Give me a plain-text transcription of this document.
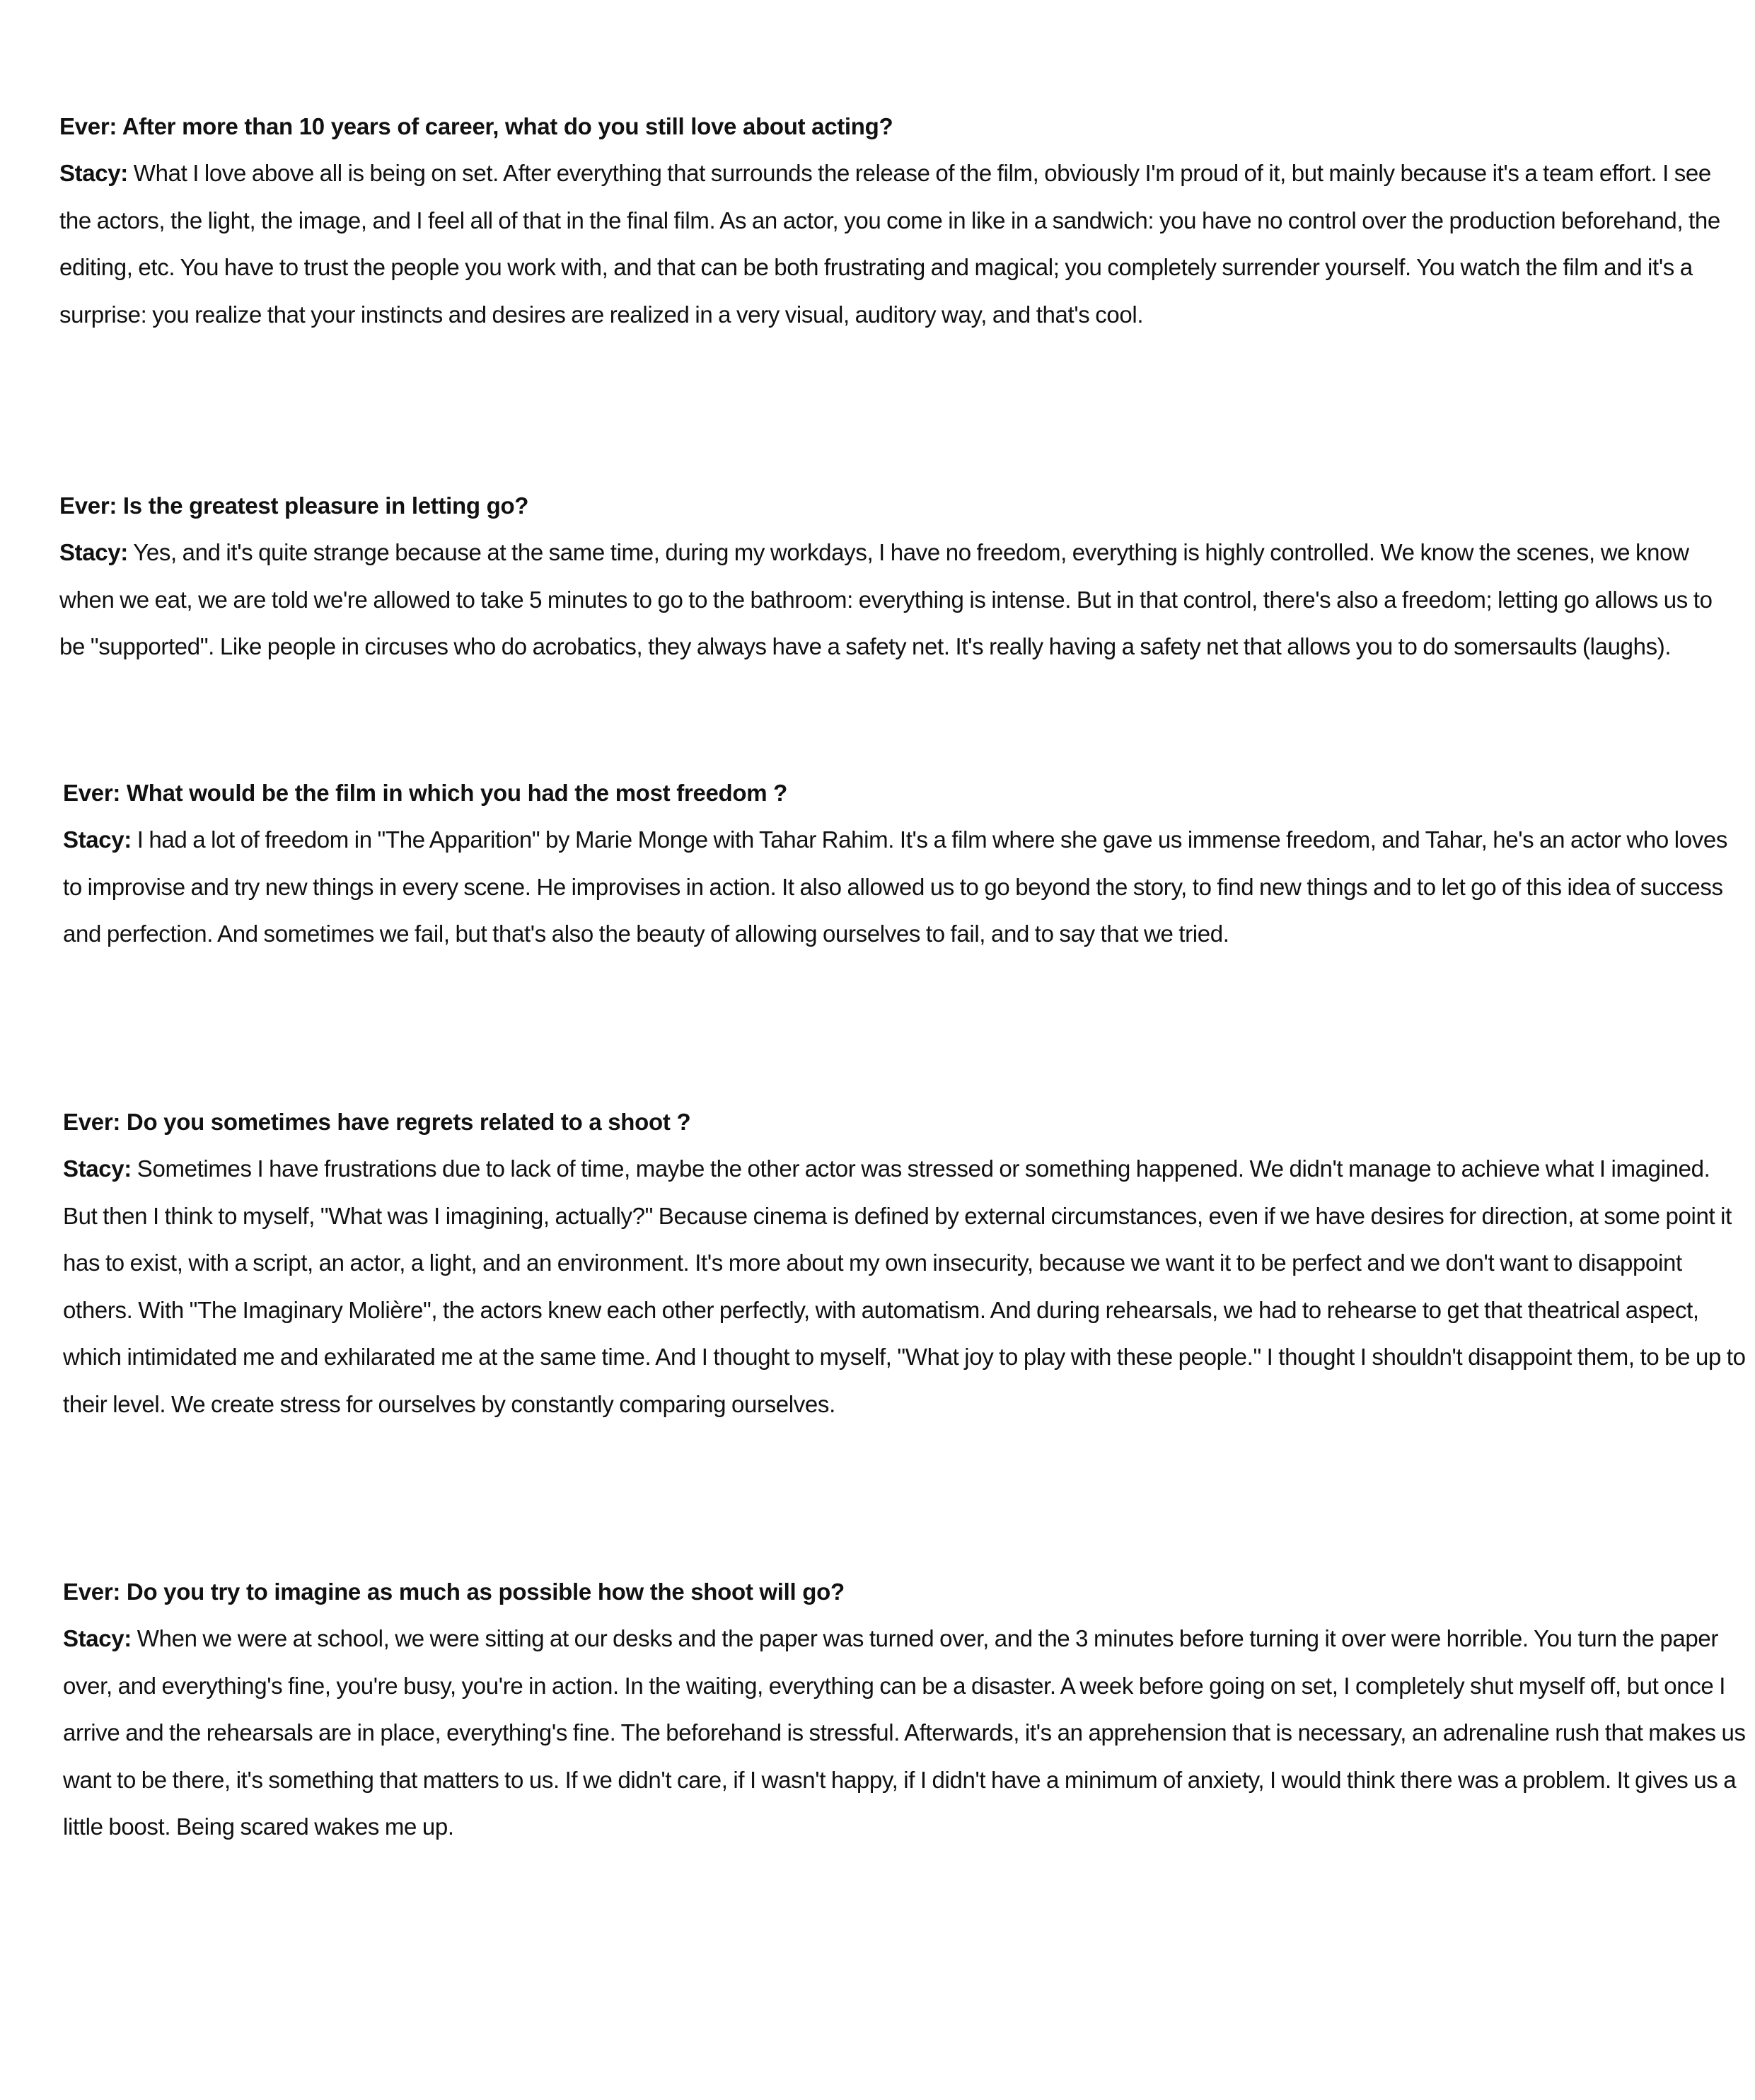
Ever: After more than 10 years of career, what do you still love about acting?

Stacy: What I love above all is being on set. After everything that surrounds the release of the film, obviously I'm proud of it, but mainly because it's a team effort. I see the actors, the light, the image, and I feel all of that in the final film. As an actor, you come in like in a sandwich: you have no control over the production beforehand, the editing, etc. You have to trust the people you work with, and that can be both frustrating and magical; you completely surrender yourself. You watch the film and it's a surprise: you realize that your instincts and desires are realized in a very visual, auditory way, and that's cool.

Ever: Is the greatest pleasure in letting go?

Stacy: Yes, and it's quite strange because at the same time, during my workdays, I have no freedom, everything is highly controlled. We know the scenes, we know when we eat, we are told we're allowed to take 5 minutes to go to the bathroom: everything is intense. But in that control, there's also a freedom; letting go allows us to be "supported". Like people in circuses who do acrobatics, they always have a safety net. It's really having a safety net that allows you to do somersaults (laughs).

Ever: What would be the film in which you had the most freedom ?

Stacy: I had a lot of freedom in "The Apparition" by Marie Monge with Tahar Rahim. It's a film where she gave us immense freedom, and Tahar, he's an actor who loves to improvise and try new things in every scene. He improvises in action. It also allowed us to go beyond the story, to find new things and to let go of this idea of success and perfection. And sometimes we fail, but that's also the beauty of allowing ourselves to fail, and to say that we tried.

Ever: Do you sometimes have regrets related to a shoot ?

Stacy: Sometimes I have frustrations due to lack of time, maybe the other actor was stressed or something happened. We didn't manage to achieve what I imagined. But then I think to myself, "What was I imagining, actually?" Because cinema is defined by external circumstances, even if we have desires for direction, at some point it has to exist, with a script, an actor, a light, and an environment. It's more about my own insecurity, because we want it to be perfect and we don't want to disappoint others. With "The Imaginary Molière", the actors knew each other perfectly, with automatism. And during rehearsals, we had to rehearse to get that theatrical aspect, which intimidated me and exhilarated me at the same time. And I thought to myself, "What joy to play with these people." I thought I shouldn't disappoint them, to be up to their level. We create stress for ourselves by constantly comparing ourselves.

Ever: Do you try to imagine as much as possible how the shoot will go?

Stacy: When we were at school, we were sitting at our desks and the paper was turned over, and the 3 minutes before turning it over were horrible. You turn the paper over, and everything's fine, you're busy, you're in action. In the waiting, everything can be a disaster. A week before going on set, I completely shut myself off, but once I arrive and the rehearsals are in place, everything's fine. The beforehand is stressful. Afterwards, it's an apprehension that is necessary, an adrenaline rush that makes us want to be there, it's something that matters to us. If we didn't care, if I wasn't happy, if I didn't have a minimum of anxiety, I would think there was a problem. It gives us a little boost. Being scared wakes me up.
